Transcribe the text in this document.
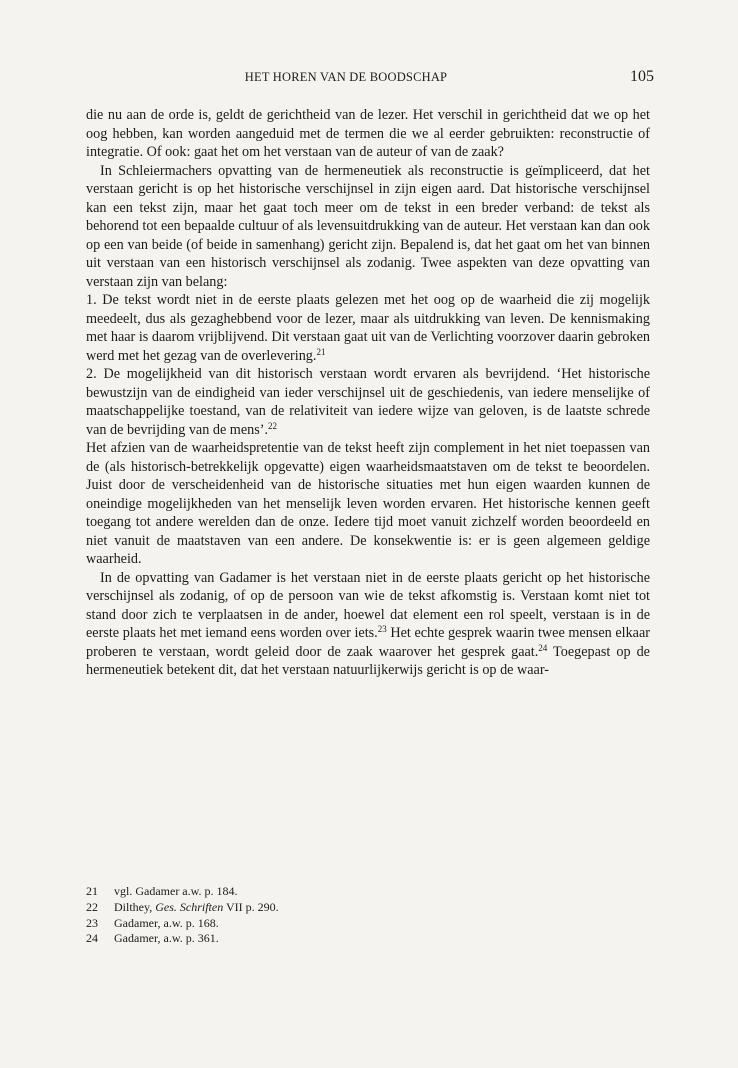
HET HOREN VAN DE BOODSCHAP	105

die nu aan de orde is, geldt de gerichtheid van de lezer. Het verschil in gerichtheid dat we op het oog hebben, kan worden aangeduid met de termen die we al eerder gebruikten: reconstructie of integratie. Of ook: gaat het om het verstaan van de auteur of van de zaak?

In Schleiermachers opvatting van de hermeneutiek als reconstructie is geïmpliceerd, dat het verstaan gericht is op het historische verschijnsel in zijn eigen aard. Dat historische verschijnsel kan een tekst zijn, maar het gaat toch meer om de tekst in een breder verband: de tekst als behorend tot een bepaalde cultuur of als levensuitdrukking van de auteur. Het verstaan kan dan ook op een van beide (of beide in samenhang) gericht zijn. Bepalend is, dat het gaat om het van binnen uit verstaan van een historisch verschijnsel als zodanig. Twee aspekten van deze opvatting van verstaan zijn van belang:

1. De tekst wordt niet in de eerste plaats gelezen met het oog op de waarheid die zij mogelijk meedeelt, dus als gezaghebbend voor de lezer, maar als uitdrukking van leven. De kennismaking met haar is daarom vrijblijvend. Dit verstaan gaat uit van de Verlichting voorzover daarin gebroken werd met het gezag van de overlevering.$^{21}$

2. De mogelijkheid van dit historisch verstaan wordt ervaren als bevrijdend. ‘Het historische bewustzijn van de eindigheid van ieder verschijnsel uit de geschiedenis, van iedere menselijke of maatschappelijke toestand, van de relativiteit van iedere wijze van geloven, is de laatste schrede van de bevrijding van de mens’.$^{22}$

Het afzien van de waarheidspretentie van de tekst heeft zijn complement in het niet toepassen van de (als historisch-betrekkelijk opgevatte) eigen waarheidsmaatstaven om de tekst te beoordelen. Juist door de verscheidenheid van de historische situaties met hun eigen waarden kunnen de oneindige mogelijkheden van het menselijk leven worden ervaren. Het historische kennen geeft toegang tot andere werelden dan de onze. Iedere tijd moet vanuit zichzelf worden beoordeeld en niet vanuit de maatstaven van een andere. De konsekwentie is: er is geen algemeen geldige waarheid.

In de opvatting van Gadamer is het verstaan niet in de eerste plaats gericht op het historische verschijnsel als zodanig, of op de persoon van wie de tekst afkomstig is. Verstaan komt niet tot stand door zich te verplaatsen in de ander, hoewel dat element een rol speelt, verstaan is in de eerste plaats het met iemand eens worden over iets.$^{23}$ Het echte gesprek waarin twee mensen elkaar proberen te verstaan, wordt geleid door de zaak waarover het gesprek gaat.$^{24}$ Toegepast op de hermeneutiek betekent dit, dat het verstaan natuurlijkerwijs gericht is op de waar-

21	vgl. Gadamer a.w. p. 184.
22	Dilthey, Ges. Schriften VII p. 290.
23	Gadamer, a.w. p. 168.
24	Gadamer, a.w. p. 361.
